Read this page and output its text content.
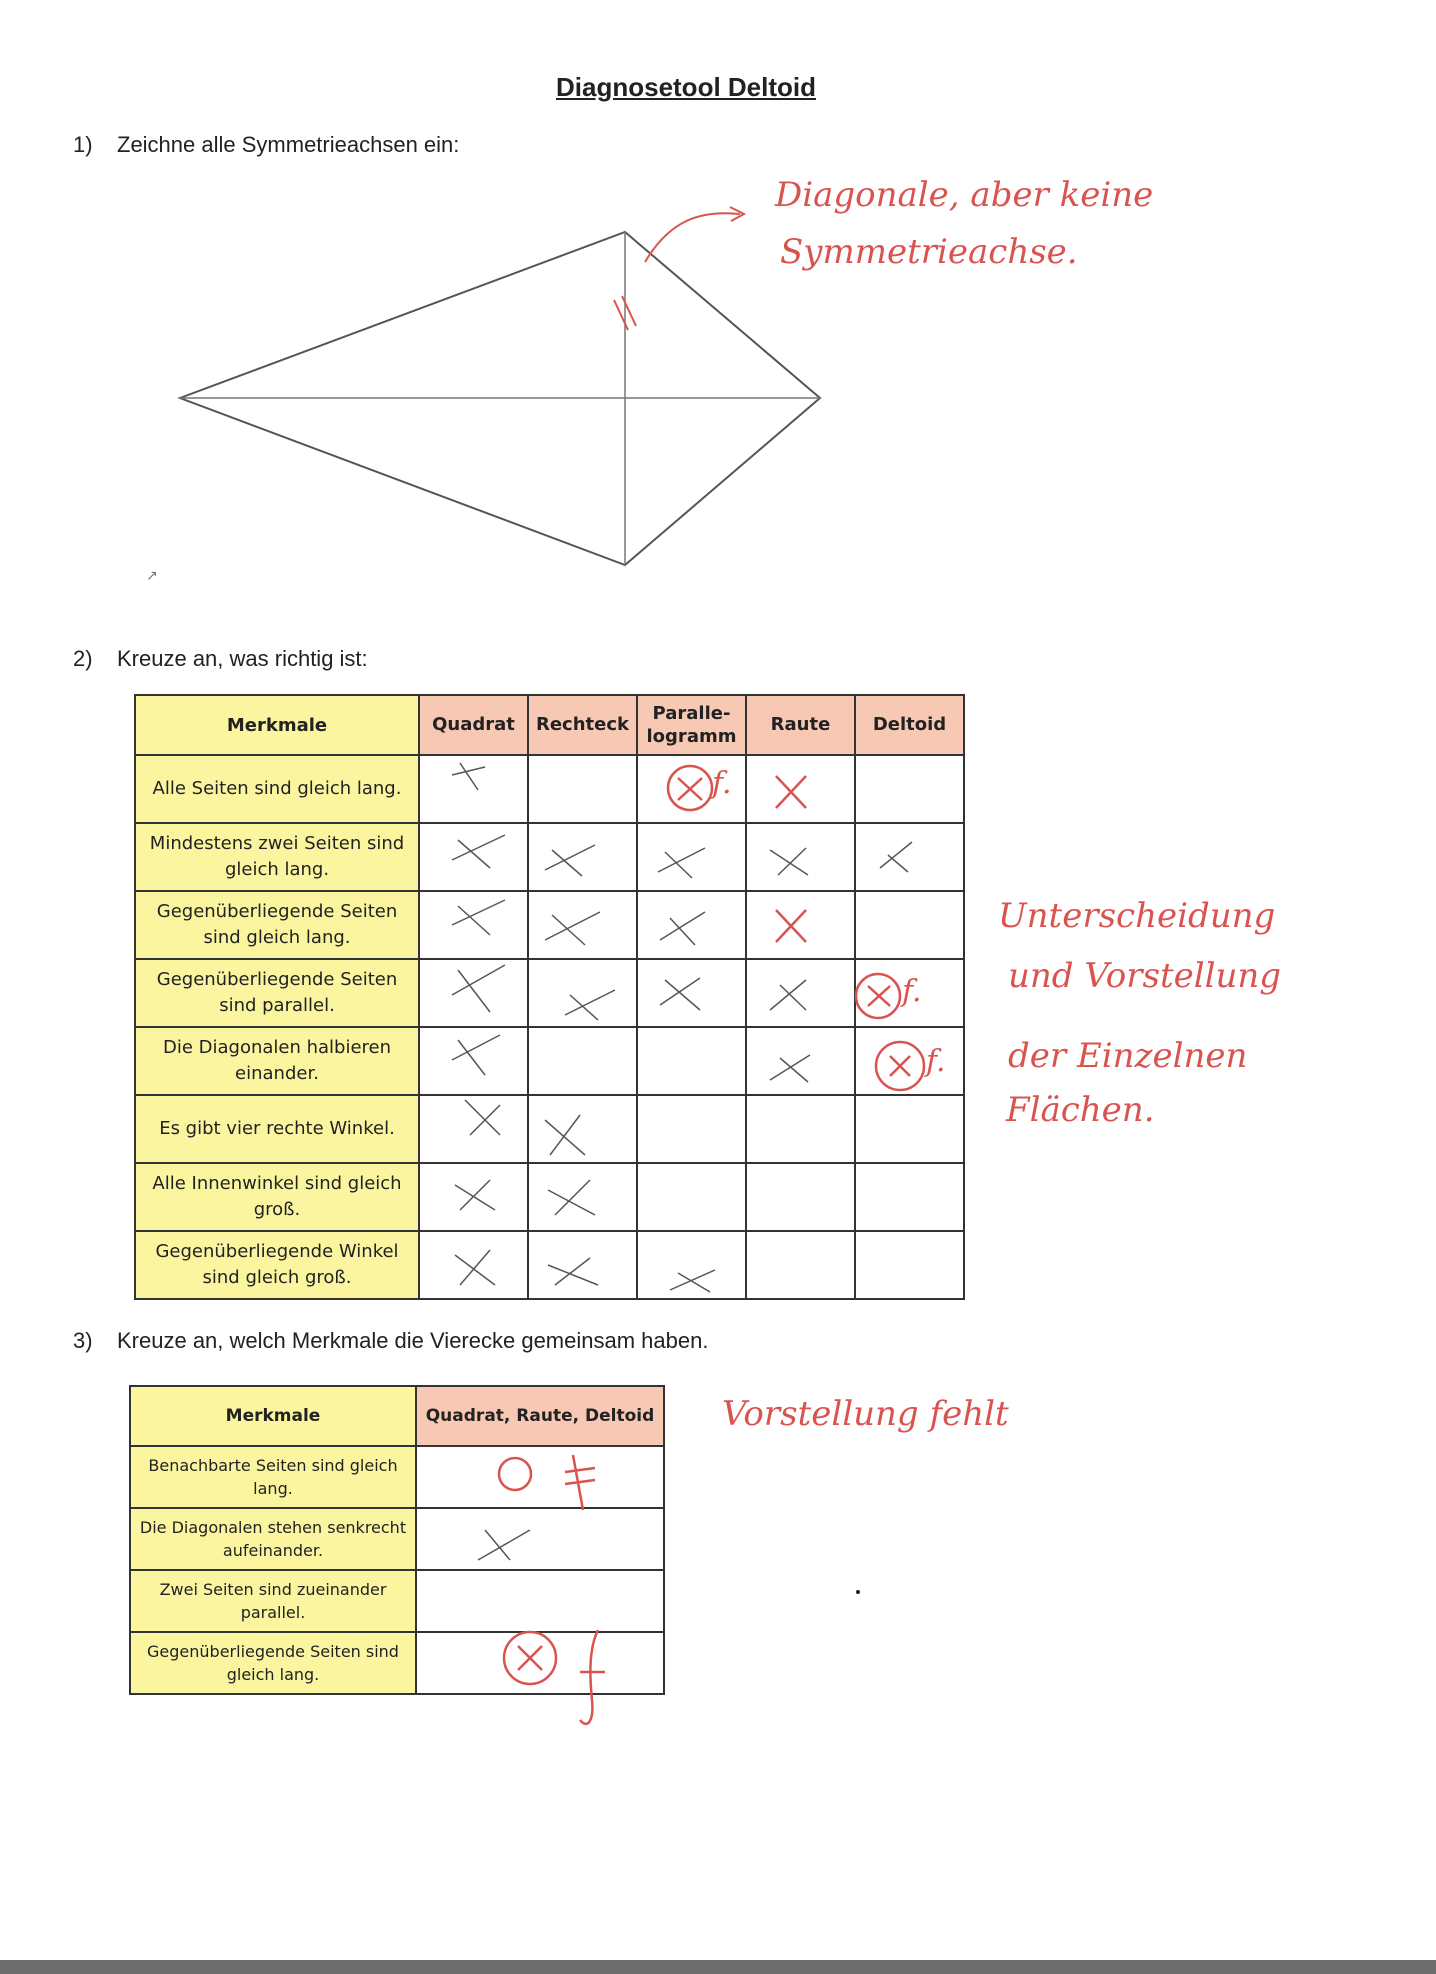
Diagnosetool Deltoid
1) Zeichne alle Symmetrieachsen ein:
↗
Diagonale, aber keine
Symmetrieachse.
2) Kreuze an, was richtig ist:
Merkmale	Quadrat	Rechteck	Paralle-
logramm	Raute	Deltoid
Alle Seiten sind gleich lang.					
Mindestens zwei Seiten sind gleich lang.					
Gegenüberliegende Seiten sind gleich lang.					
Gegenüberliegende Seiten sind parallel.					
Die Diagonalen halbieren einander.					
Es gibt vier rechte Winkel.					
Alle Innenwinkel sind gleich groß.					
Gegenüberliegende Winkel sind gleich groß.					
f.
f.
f.
Unterscheidung
und Vorstellung
der Einzelnen
Flächen.
3) Kreuze an, welch Merkmale die Vierecke gemeinsam haben.
Merkmale	Quadrat, Raute, Deltoid
Benachbarte Seiten sind gleich lang.	
Die Diagonalen stehen senkrecht aufeinander.	
Zwei Seiten sind zueinander parallel.	
Gegenüberliegende Seiten sind gleich lang.	
Vorstellung fehlt
